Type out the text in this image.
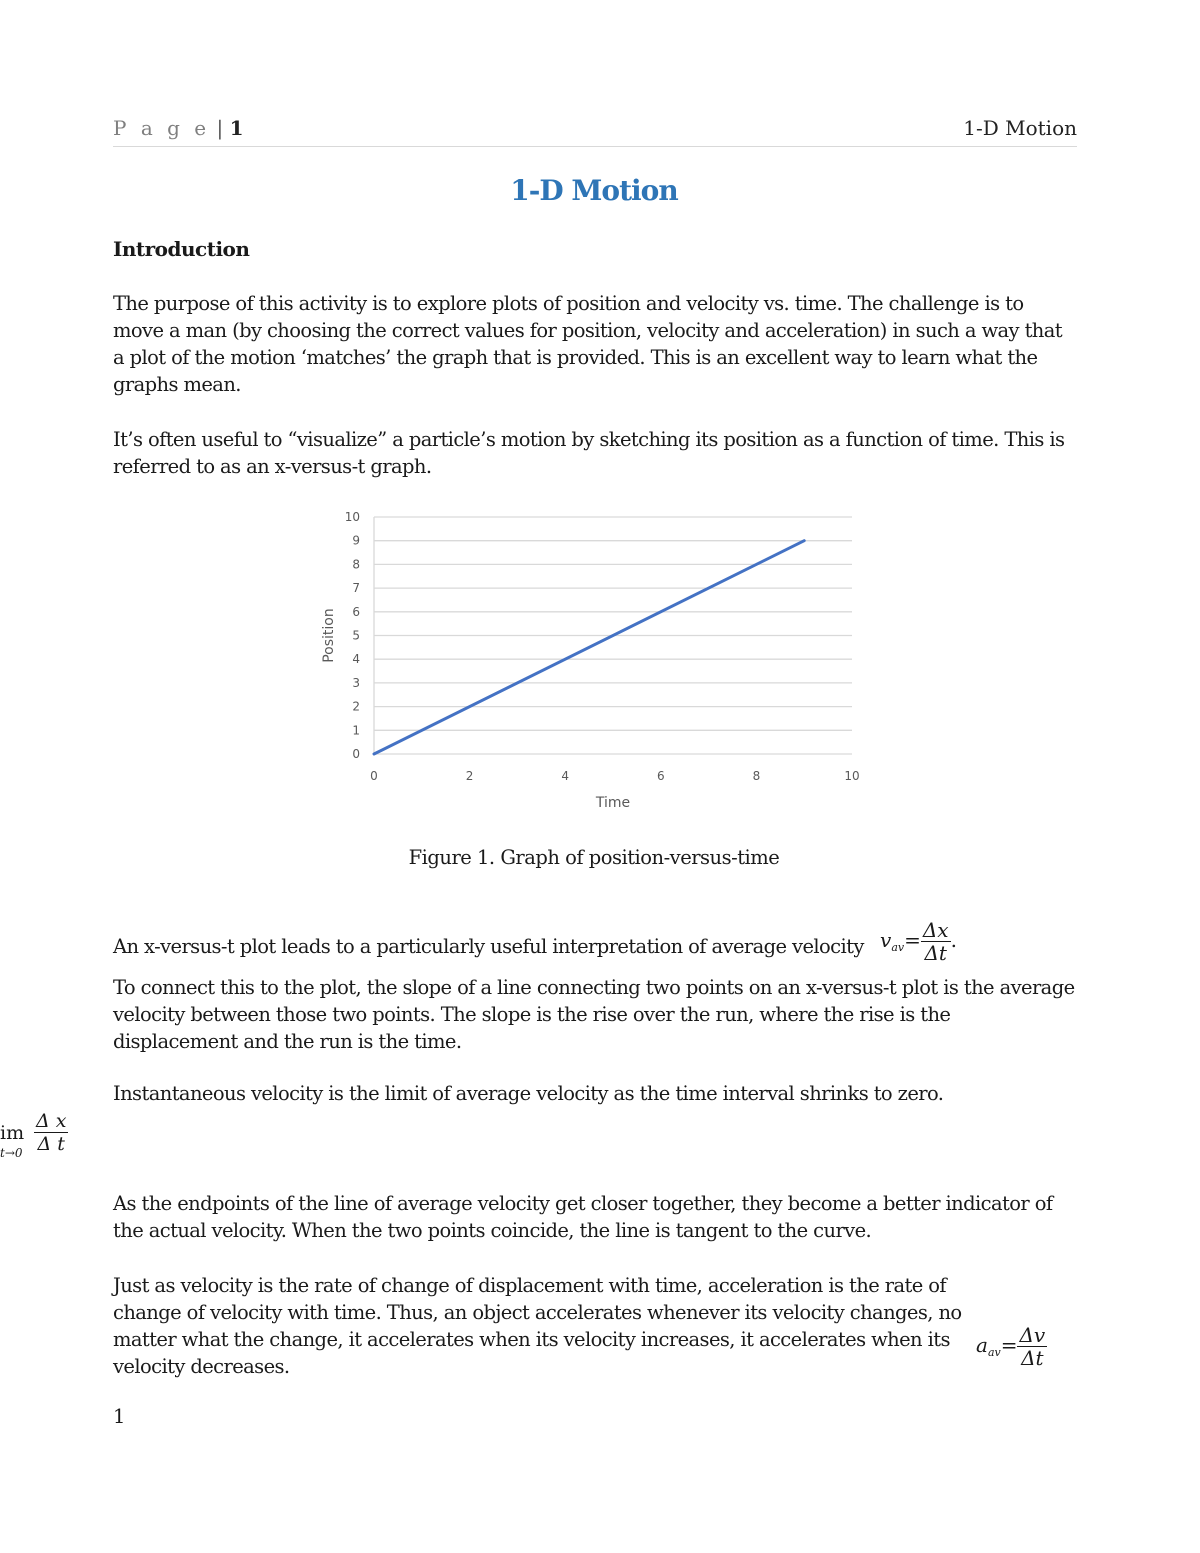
P a g e | 1	1-D Motion
1-D Motion
Introduction

The purpose of this activity is to explore plots of position and velocity vs. time. The challenge is to move a man (by choosing the correct values for position, velocity and acceleration) in such a way that a plot of the motion ‘matches’ the graph that is provided. This is an excellent way to learn what the graphs mean.

It’s often useful to “visualize” a particle’s motion by sketching its position as a function of time. This is referred to as an x-versus-t graph.

0
1
2
3
4
5
6
7
8
9
10
0	2	4	6	8	10
Time
Position
Figure 1. Graph of position-versus-time

An x-versus-t plot leads to a particularly useful interpretation of average velocity $v_{av}= \frac{\Delta x}{\Delta t}$ .

To connect this to the plot, the slope of a line connecting two points on an x-versus-t plot is the average velocity between those two points. The slope is the rise over the run, where the rise is the displacement and the run is the time.

Instantaneous velocity is the limit of average velocity as the time interval shrinks to zero.

im
$t\to 0 \frac{\text{Δ x}}{\text{Δ t}}$

As the endpoints of the line of average velocity get closer together, they become a better indicator of the actual velocity. When the two points coincide, the line is tangent to the curve.

Just as velocity is the rate of change of displacement with time, acceleration is the rate of change of velocity with time. Thus, an object accelerates whenever its velocity changes, no matter what the change, it accelerates when its velocity increases, it accelerates when its velocity decreases.

$a_{av}= \frac{\Delta v}{\Delta t}$
1
